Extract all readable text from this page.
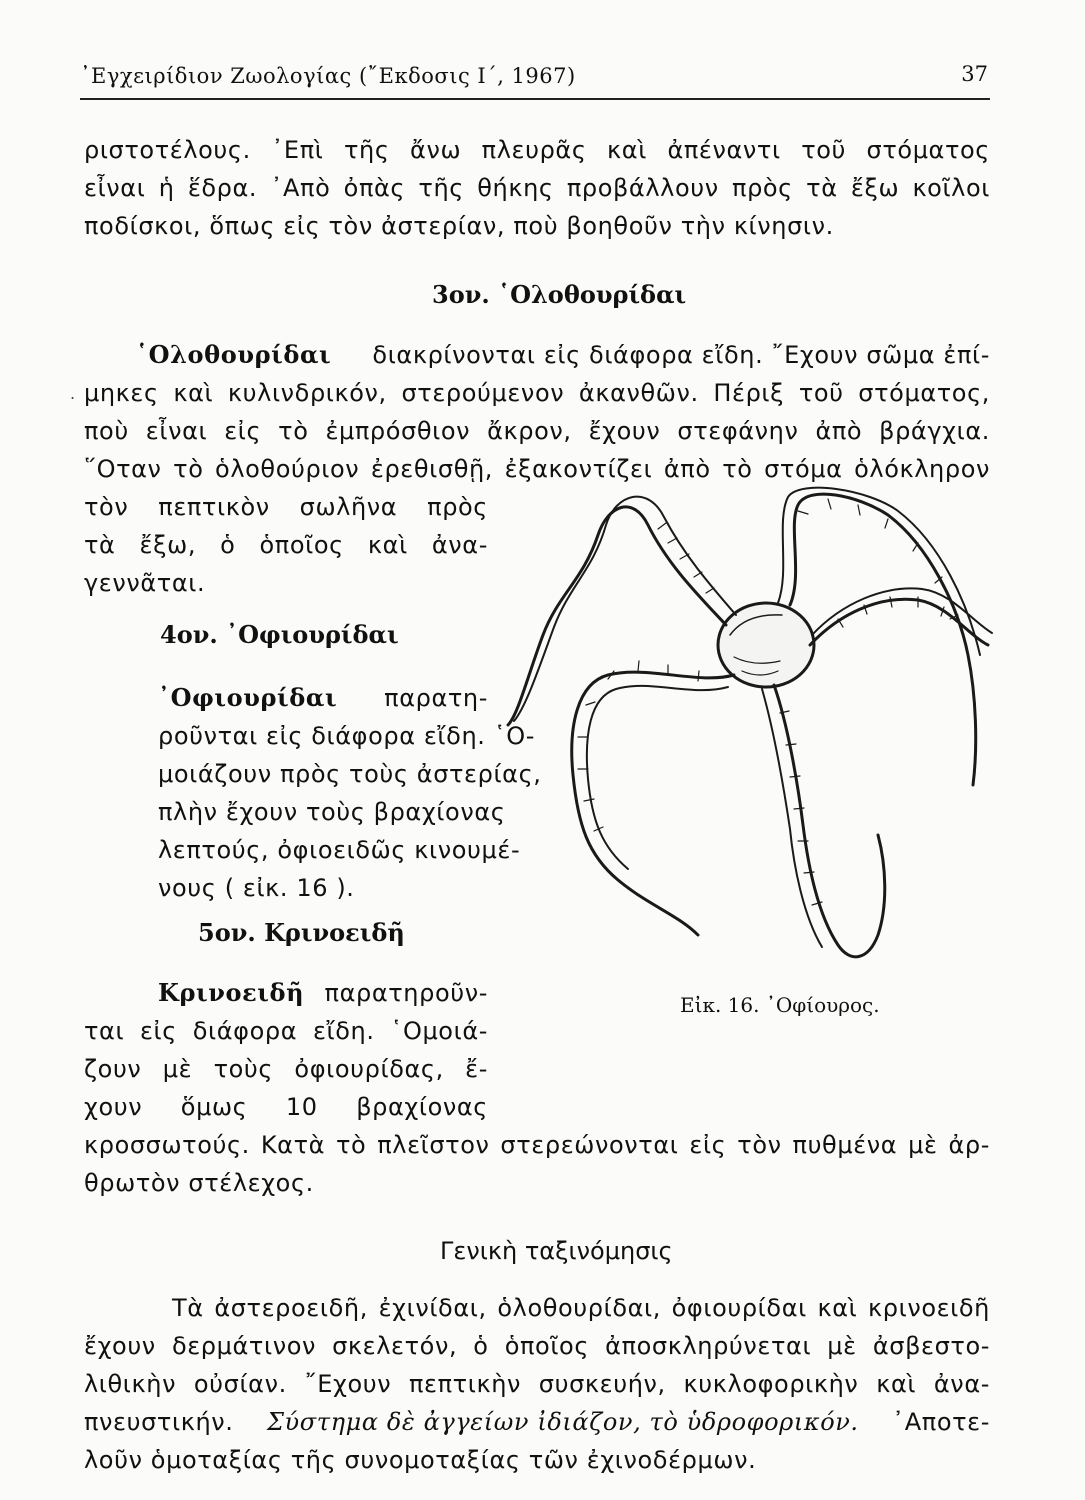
᾿Εγχειρίδιον Ζωολογίας (῎Εκδοσις Ι΄, 1967)	37
ριστοτέλους. ᾿Επὶ τῆς ἄνω πλευρᾶς καὶ ἀπέναντι τοῦ στόματος
εἶναι ἡ ἕδρα. ᾿Απὸ ὀπὰς τῆς θήκης προβάλλουν πρὸς τὰ ἔξω κοῖλοι
ποδίσκοι, ὅπως εἰς τὸν ἀστερίαν, ποὺ βοηθοῦν τὴν κίνησιν.
3ον. ῾Ολοθουρίδαι
῾Ολοθουρίδαι διακρίνονται εἰς διάφορα εἴδη. ῎Εχουν σῶμα ἐπί-
. μηκες καὶ κυλινδρικόν, στερούμενον ἀκανθῶν. Πέριξ τοῦ στόματος,
ποὺ εἶναι εἰς τὸ ἐμπρόσθιον ἄκρον, ἔχουν στεφάνην ἀπὸ βράγχια.
῞Οταν τὸ ὁλοθούριον ἐρεθισθῇ, ἐξακοντίζει ἀπὸ τὸ στόμα ὁλόκληρον
τὸν πεπτικὸν σωλῆνα πρὸς
τὰ ἔξω, ὁ ὁποῖος καὶ ἀνα-
γεννᾶται.
4ον. ᾿Οφιουρίδαι
᾿Οφιουρίδαι παρατη-
ροῦνται εἰς διάφορα εἴδη. ῾Ο-
μοιάζουν πρὸς τοὺς ἀστερίας,
πλὴν ἔχουν τοὺς βραχίονας
λεπτούς, ὀφιοειδῶς κινουμέ-
νους ( εἰκ. 16 ).
5ον. Κρινοειδῆ
Κρινοειδῆ παρατηροῦν-
ται εἰς διάφορα εἴδη. ῾Ομοιά-
ζουν μὲ τοὺς ὀφιουρίδας, ἔ-
χουν ὅμως 10 βραχίονας
κροσσωτούς. Κατὰ τὸ πλεῖστον στερεώνονται εἰς τὸν πυθμένα μὲ ἀρ-
θρωτὸν στέλεχος.
Εἰκ. 16. ᾿Οφίουρος.
Γενικὴ ταξινόμησις
Τὰ ἀστεροειδῆ, ἐχινίδαι, ὁλοθουρίδαι, ὀφιουρίδαι καὶ κρινοειδῆ
ἔχουν δερμάτινον σκελετόν, ὁ ὁποῖος ἀποσκληρύνεται μὲ ἀσβεστο-
λιθικὴν οὐσίαν. ῎Εχουν πεπτικὴν συσκευήν, κυκλοφορικὴν καὶ ἀνα-
πνευστικήν. Σύστημα δὲ ἀγγείων ἰδιάζον, τὸ ὑδροφορικόν. ᾿Αποτε-
λοῦν ὁμοταξίας τῆς συνομοταξίας τῶν ἐχινοδέρμων.
